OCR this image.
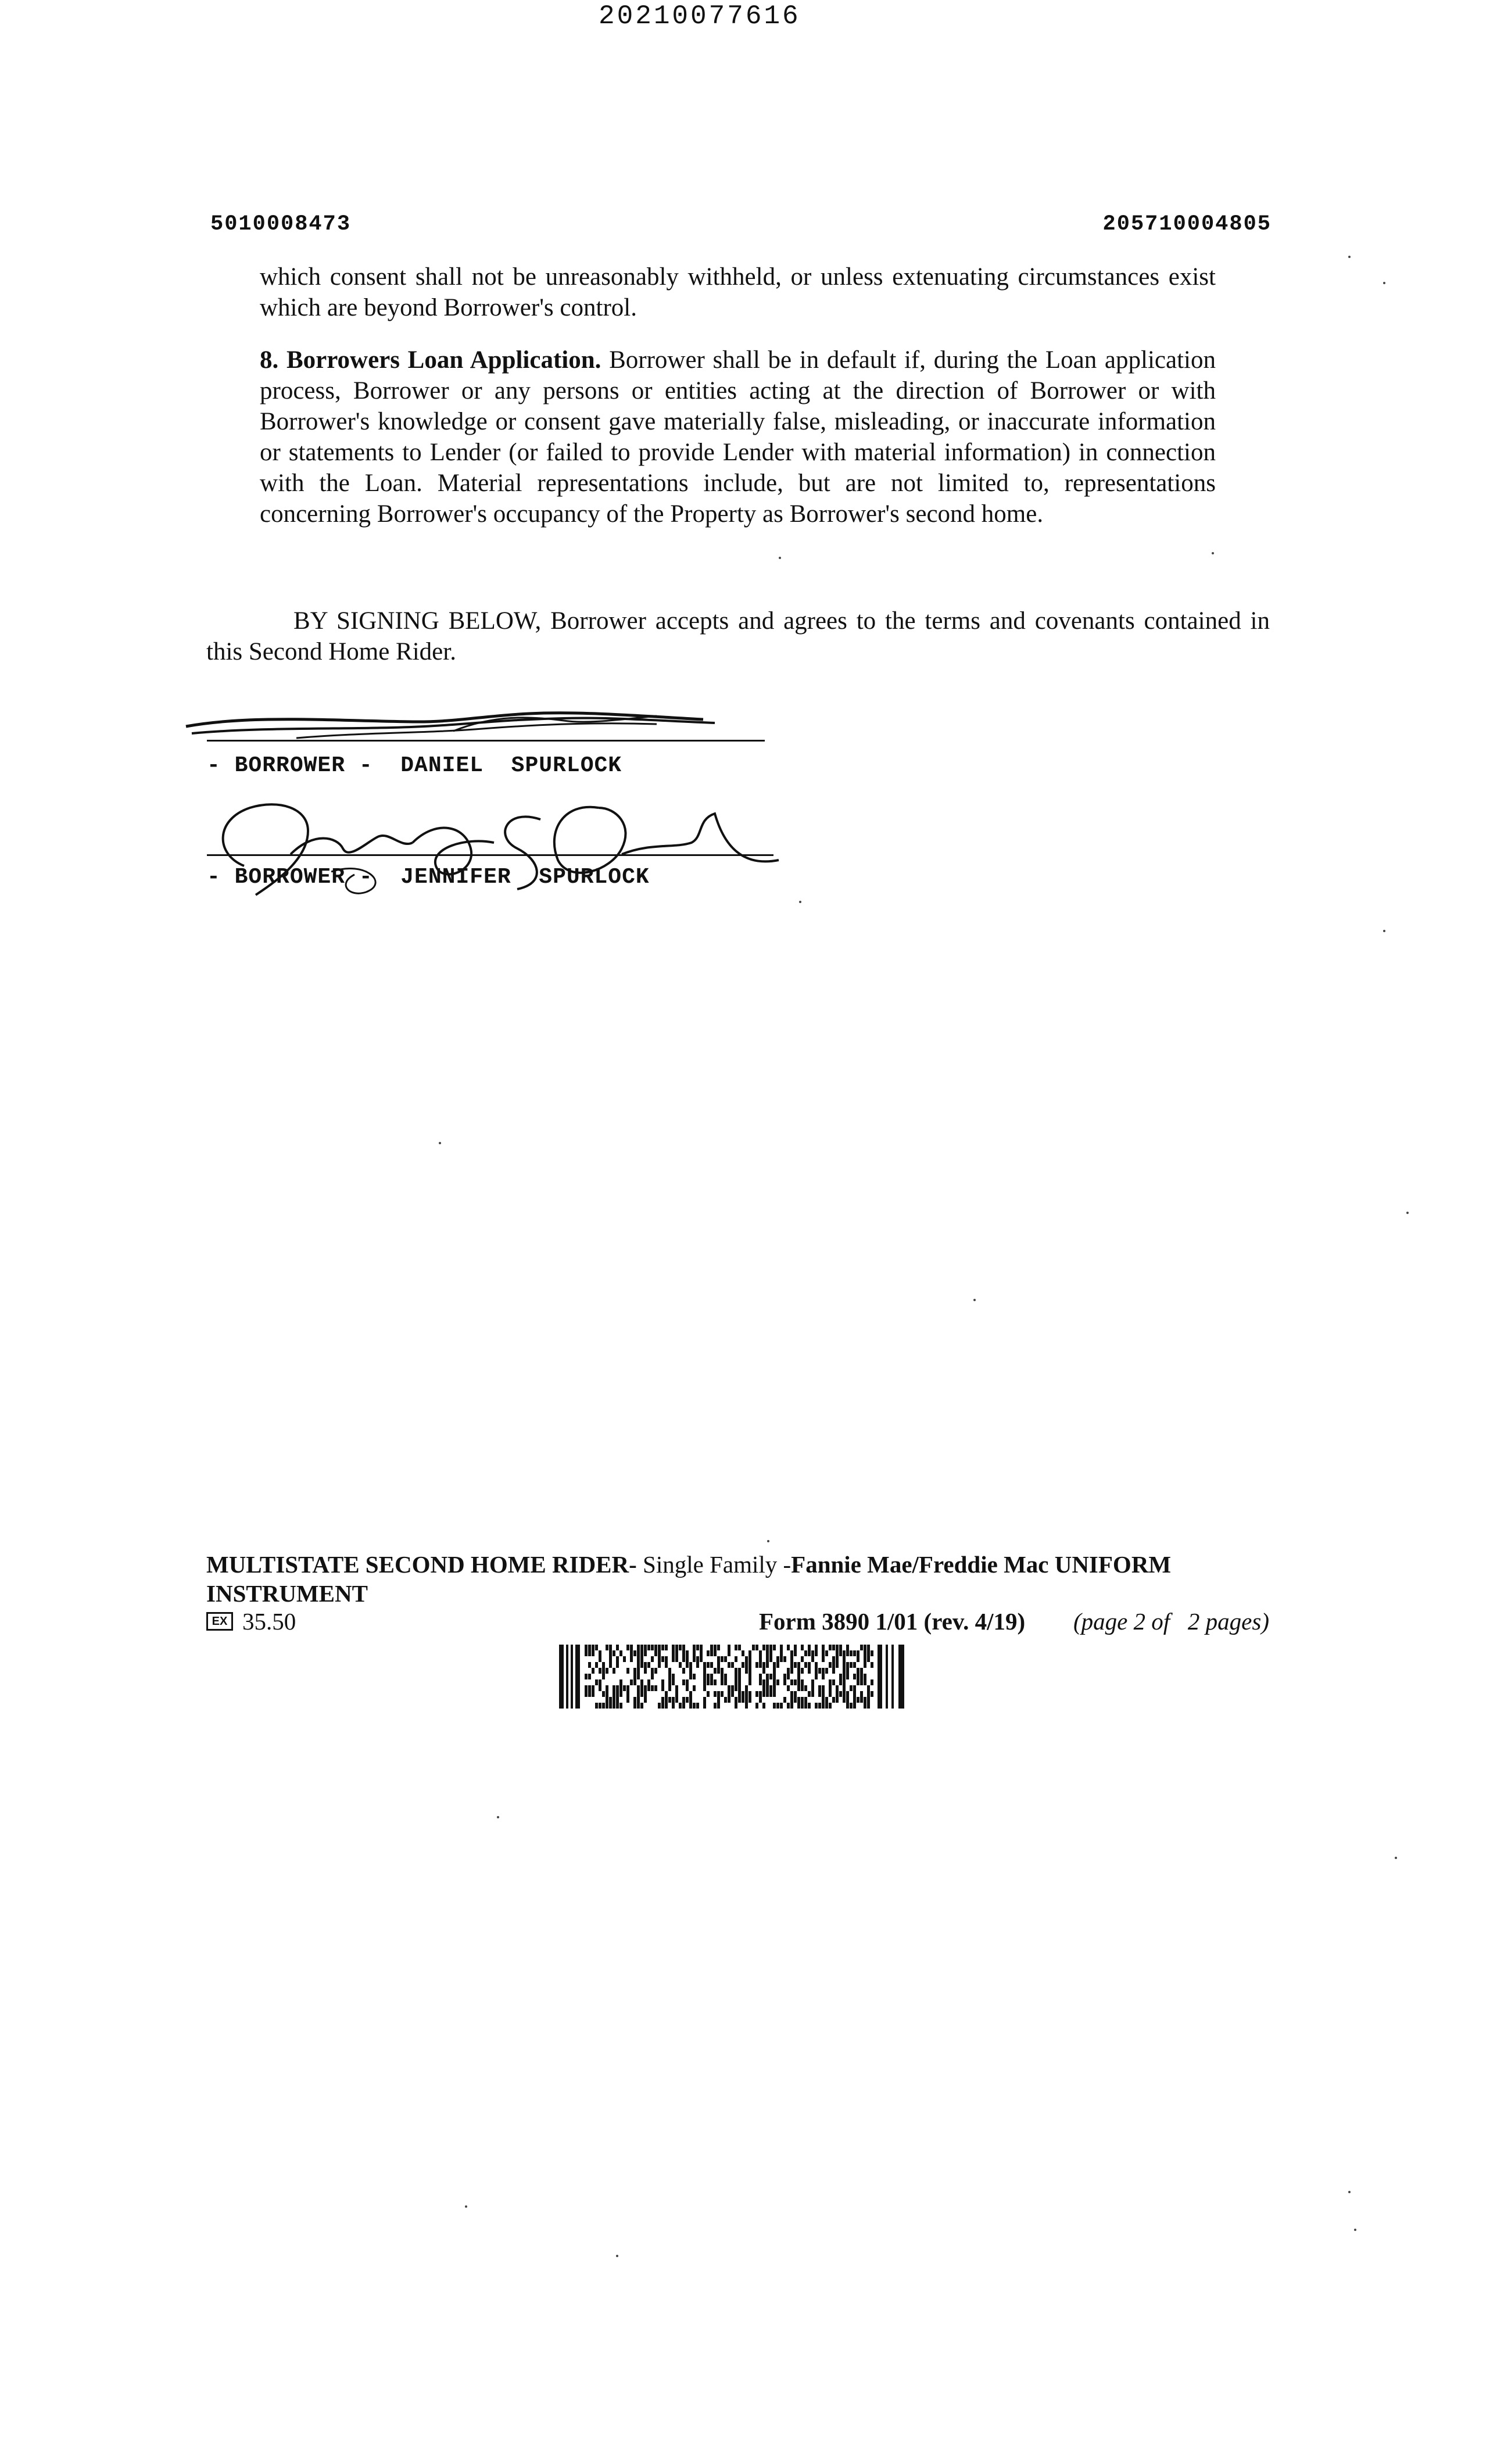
20210077616
5010008473	205710004805

which consent shall not be unreasonably withheld, or unless extenuating circumstances exist which are beyond Borrower's control.

8. Borrowers Loan Application. Borrower shall be in default if, during the Loan application process, Borrower or any persons or entities acting at the direction of Borrower or with Borrower's knowledge or consent gave materially false, misleading, or inaccurate information or statements to Lender (or failed to provide Lender with material information) in connection with the Loan. Material representations include, but are not limited to, representations concerning Borrower's occupancy of the Property as Borrower's second home.

BY SIGNING BELOW, Borrower accepts and agrees to the terms and covenants contained in this Second Home Rider.

- BORROWER -  DANIEL  SPURLOCK
- BORROWER -  JENNIFER  SPURLOCK
MULTISTATE SECOND HOME RIDER- Single Family -Fannie Mae/Freddie Mac UNIFORM
INSTRUMENT
EX 35.50	Form 3890 1/01 (rev. 4/19) (page 2 of   2 pages)
